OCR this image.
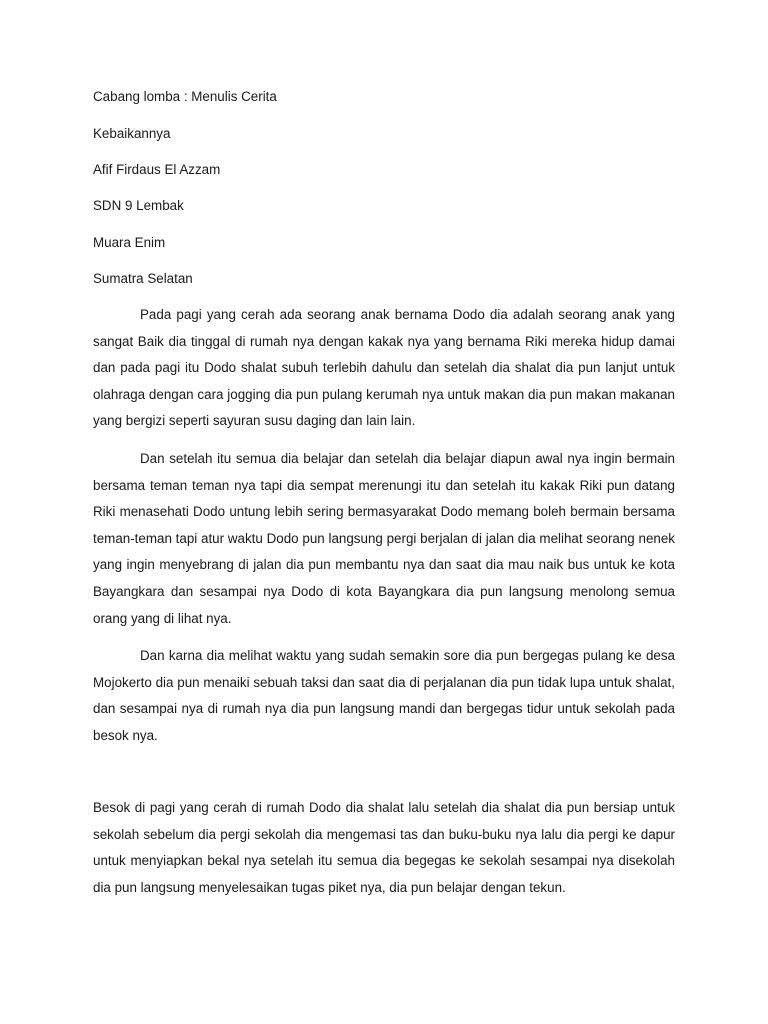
Cabang lomba : Menulis Cerita

Kebaikannya

Afif Firdaus El Azzam

SDN 9 Lembak

Muara Enim

Sumatra Selatan

Pada pagi yang cerah ada seorang anak bernama Dodo dia adalah seorang anak yang sangat Baik dia tinggal di rumah nya dengan kakak nya yang bernama Riki mereka hidup damai dan pada pagi itu Dodo shalat subuh terlebih dahulu dan setelah dia shalat dia pun lanjut untuk olahraga dengan cara jogging dia pun pulang kerumah nya untuk makan dia pun makan makanan yang bergizi seperti sayuran susu daging dan lain lain.

Dan setelah itu semua dia belajar dan setelah dia belajar diapun awal nya ingin bermain bersama teman teman nya tapi dia sempat merenungi itu dan setelah itu kakak Riki pun datang Riki menasehati Dodo untung lebih sering bermasyarakat Dodo memang boleh bermain bersama teman-teman tapi atur waktu Dodo pun langsung pergi berjalan di jalan dia melihat seorang nenek yang ingin menyebrang di jalan dia pun membantu nya dan saat dia mau naik bus untuk ke kota Bayangkara dan sesampai nya Dodo di kota Bayangkara dia pun langsung menolong semua orang yang di lihat nya.

Dan karna dia melihat waktu yang sudah semakin sore dia pun bergegas pulang ke desa Mojokerto dia pun menaiki sebuah taksi dan saat dia di perjalanan dia pun tidak lupa untuk shalat, dan sesampai nya di rumah nya dia pun langsung mandi dan bergegas tidur untuk sekolah pada besok nya.

Besok di pagi yang cerah di rumah Dodo dia shalat lalu setelah dia shalat dia pun bersiap untuk sekolah sebelum dia pergi sekolah dia mengemasi tas dan buku-buku nya lalu dia pergi ke dapur untuk menyiapkan bekal nya setelah itu semua dia begegas ke sekolah sesampai nya disekolah dia pun langsung menyelesaikan tugas piket nya, dia pun belajar dengan tekun.
